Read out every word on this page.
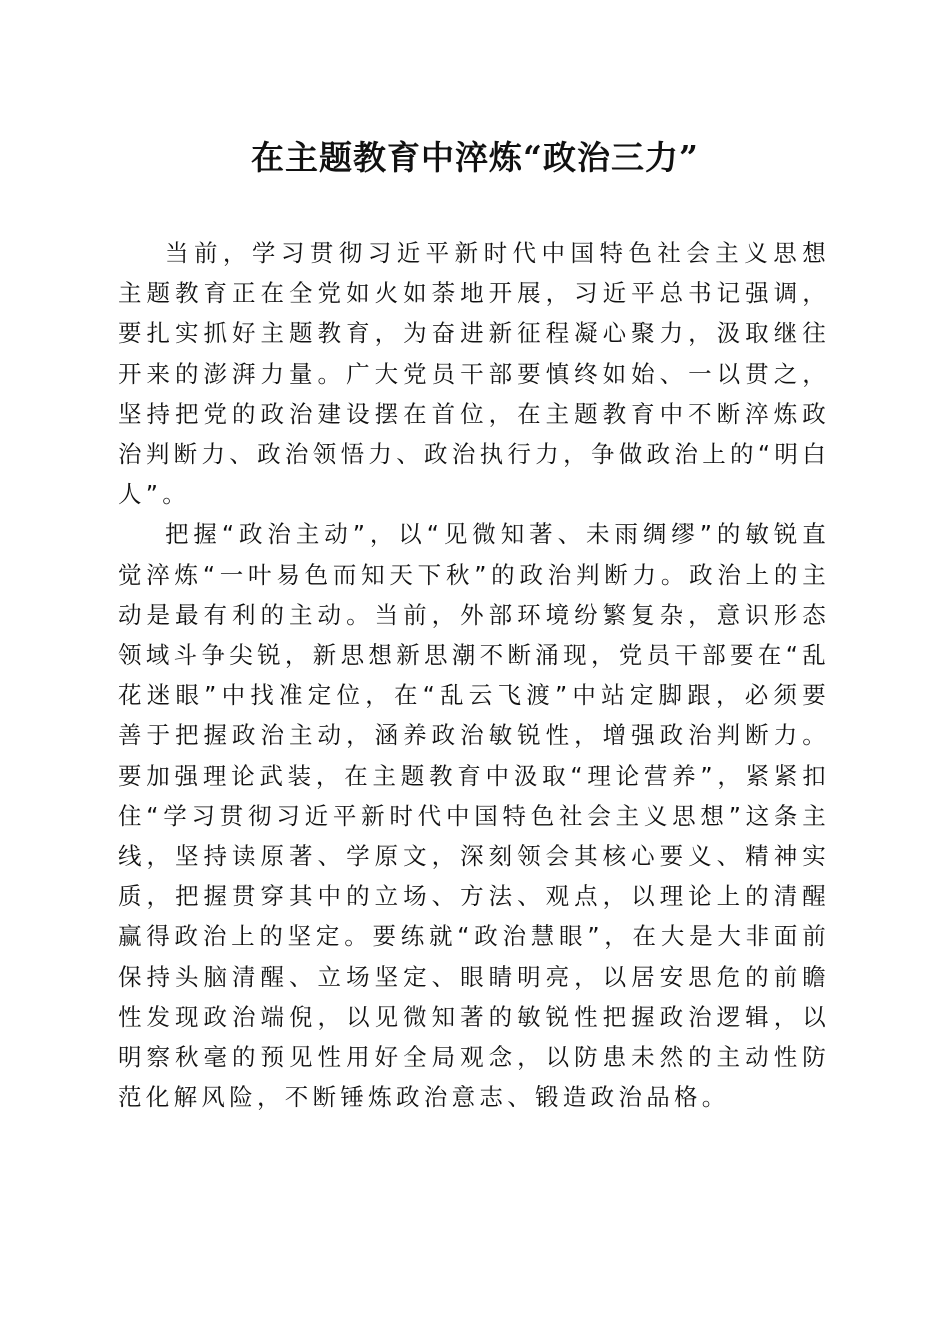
在主题教育中淬炼“政治三力”

当前，学习贯彻习近平新时代中国特色社会主义思想主题教育正在全党如火如荼地开展，习近平总书记强调，要扎实抓好主题教育，为奋进新征程凝心聚力，汲取继往开来的澎湃力量。广大党员干部要慎终如始、一以贯之，坚持把党的政治建设摆在首位，在主题教育中不断淬炼政治判断力、政治领悟力、政治执行力，争做政治上的“明白人”。

把握“政治主动”，以“见微知著、未雨绸缪”的敏锐直觉淬炼“一叶易色而知天下秋”的政治判断力。政治上的主动是最有利的主动。当前，外部环境纷繁复杂，意识形态领域斗争尖锐，新思想新思潮不断涌现，党员干部要在“乱花迷眼”中找准定位，在“乱云飞渡”中站定脚跟，必须要善于把握政治主动，涵养政治敏锐性，增强政治判断力。要加强理论武装，在主题教育中汲取“理论营养”，紧紧扣住“学习贯彻习近平新时代中国特色社会主义思想”这条主线，坚持读原著、学原文，深刻领会其核心要义、精神实质，把握贯穿其中的立场、方法、观点，以理论上的清醒赢得政治上的坚定。要练就“政治慧眼”，在大是大非面前保持头脑清醒、立场坚定、眼睛明亮，以居安思危的前瞻性发现政治端倪，以见微知著的敏锐性把握政治逻辑，以明察秋毫的预见性用好全局观念，以防患未然的主动性防范化解风险，不断锤炼政治意志、锻造政治品格。
